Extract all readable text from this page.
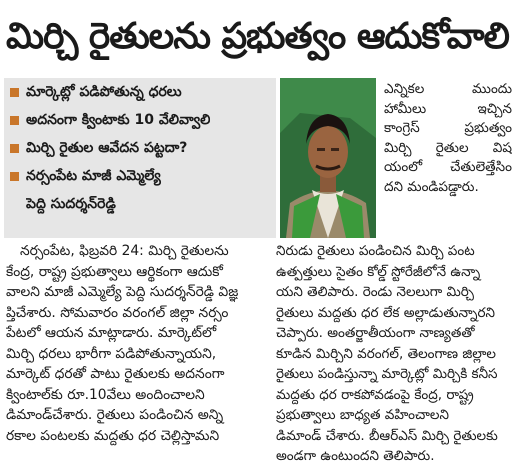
మిర్చి రైతులను ప్రభుత్వం ఆదుకోవాలి
మార్కెట్లో పడిపోతున్న ధరలు
అదనంగా క్వింటాకు 10 వేలివ్వాలి
మిర్చి రైతుల ఆవేదన పట్టదా?
నర్సంపేట మాజీ ఎమ్మెల్యే
పెద్ది సుదర్శన్‌రెడ్డి
ఎన్నికల ముందు
హామీలు ఇచ్చిన
కాంగ్రెస్ ప్రభుత్వం
మిర్చి రైతుల విష
యంలో చేతులెత్తేసిం
దని మండిపడ్డారు.
నర్సంపేట, ఫిబ్రవరి 24: మిర్చి రైతులను
కేంద్ర, రాష్ట్ర ప్రభుత్వాలు ఆర్థికంగా ఆదుకో
వాలని మాజీ ఎమ్మెల్యే పెద్ది సుదర్శన్‌రెడ్డి విజ్ఞ
ప్తిచేశారు. సోమవారం వరంగల్ జిల్లా నర్సం
పేటలో ఆయన మాట్లాడారు. మార్కెట్‌లో
మిర్చి ధరలు భారీగా పడిపోతున్నాయని,
మార్కెట్ ధరతో పాటు రైతులకు అదనంగా
క్వింటాల్‌కు రూ.10వేలు అందించాలని
డిమాండ్‌చేశారు. రైతులు పండించిన అన్ని
రకాల పంటలకు మద్దతు ధర చెల్లిస్తామని
నిరుడు రైతులు పండించిన మిర్చి పంట
ఉత్పత్తులు సైతం కోల్డ్ స్టోరేజీలోనే ఉన్నా
యని తెలిపారు. రెండు నెలలుగా మిర్చి
రైతులు మద్దతు ధర లేక అల్లాడుతున్నారని
చెప్పారు. అంతర్జాతీయంగా నాణ్యతతో
కూడిన మిర్చిని వరంగల్, తెలంగాణ జిల్లాల
రైతులు పండిస్తున్నా మార్కెట్లో మిర్చికి కనీస
మద్దతు ధర రాకపోవడంపై కేంద్ర, రాష్ట్ర
ప్రభుత్వాలు బాధ్యత వహించాలని
డిమాండ్ చేశారు. బీఆర్ఎస్ మిర్చి రైతులకు
అండగా ఉంటుందని తెలిపారు.
